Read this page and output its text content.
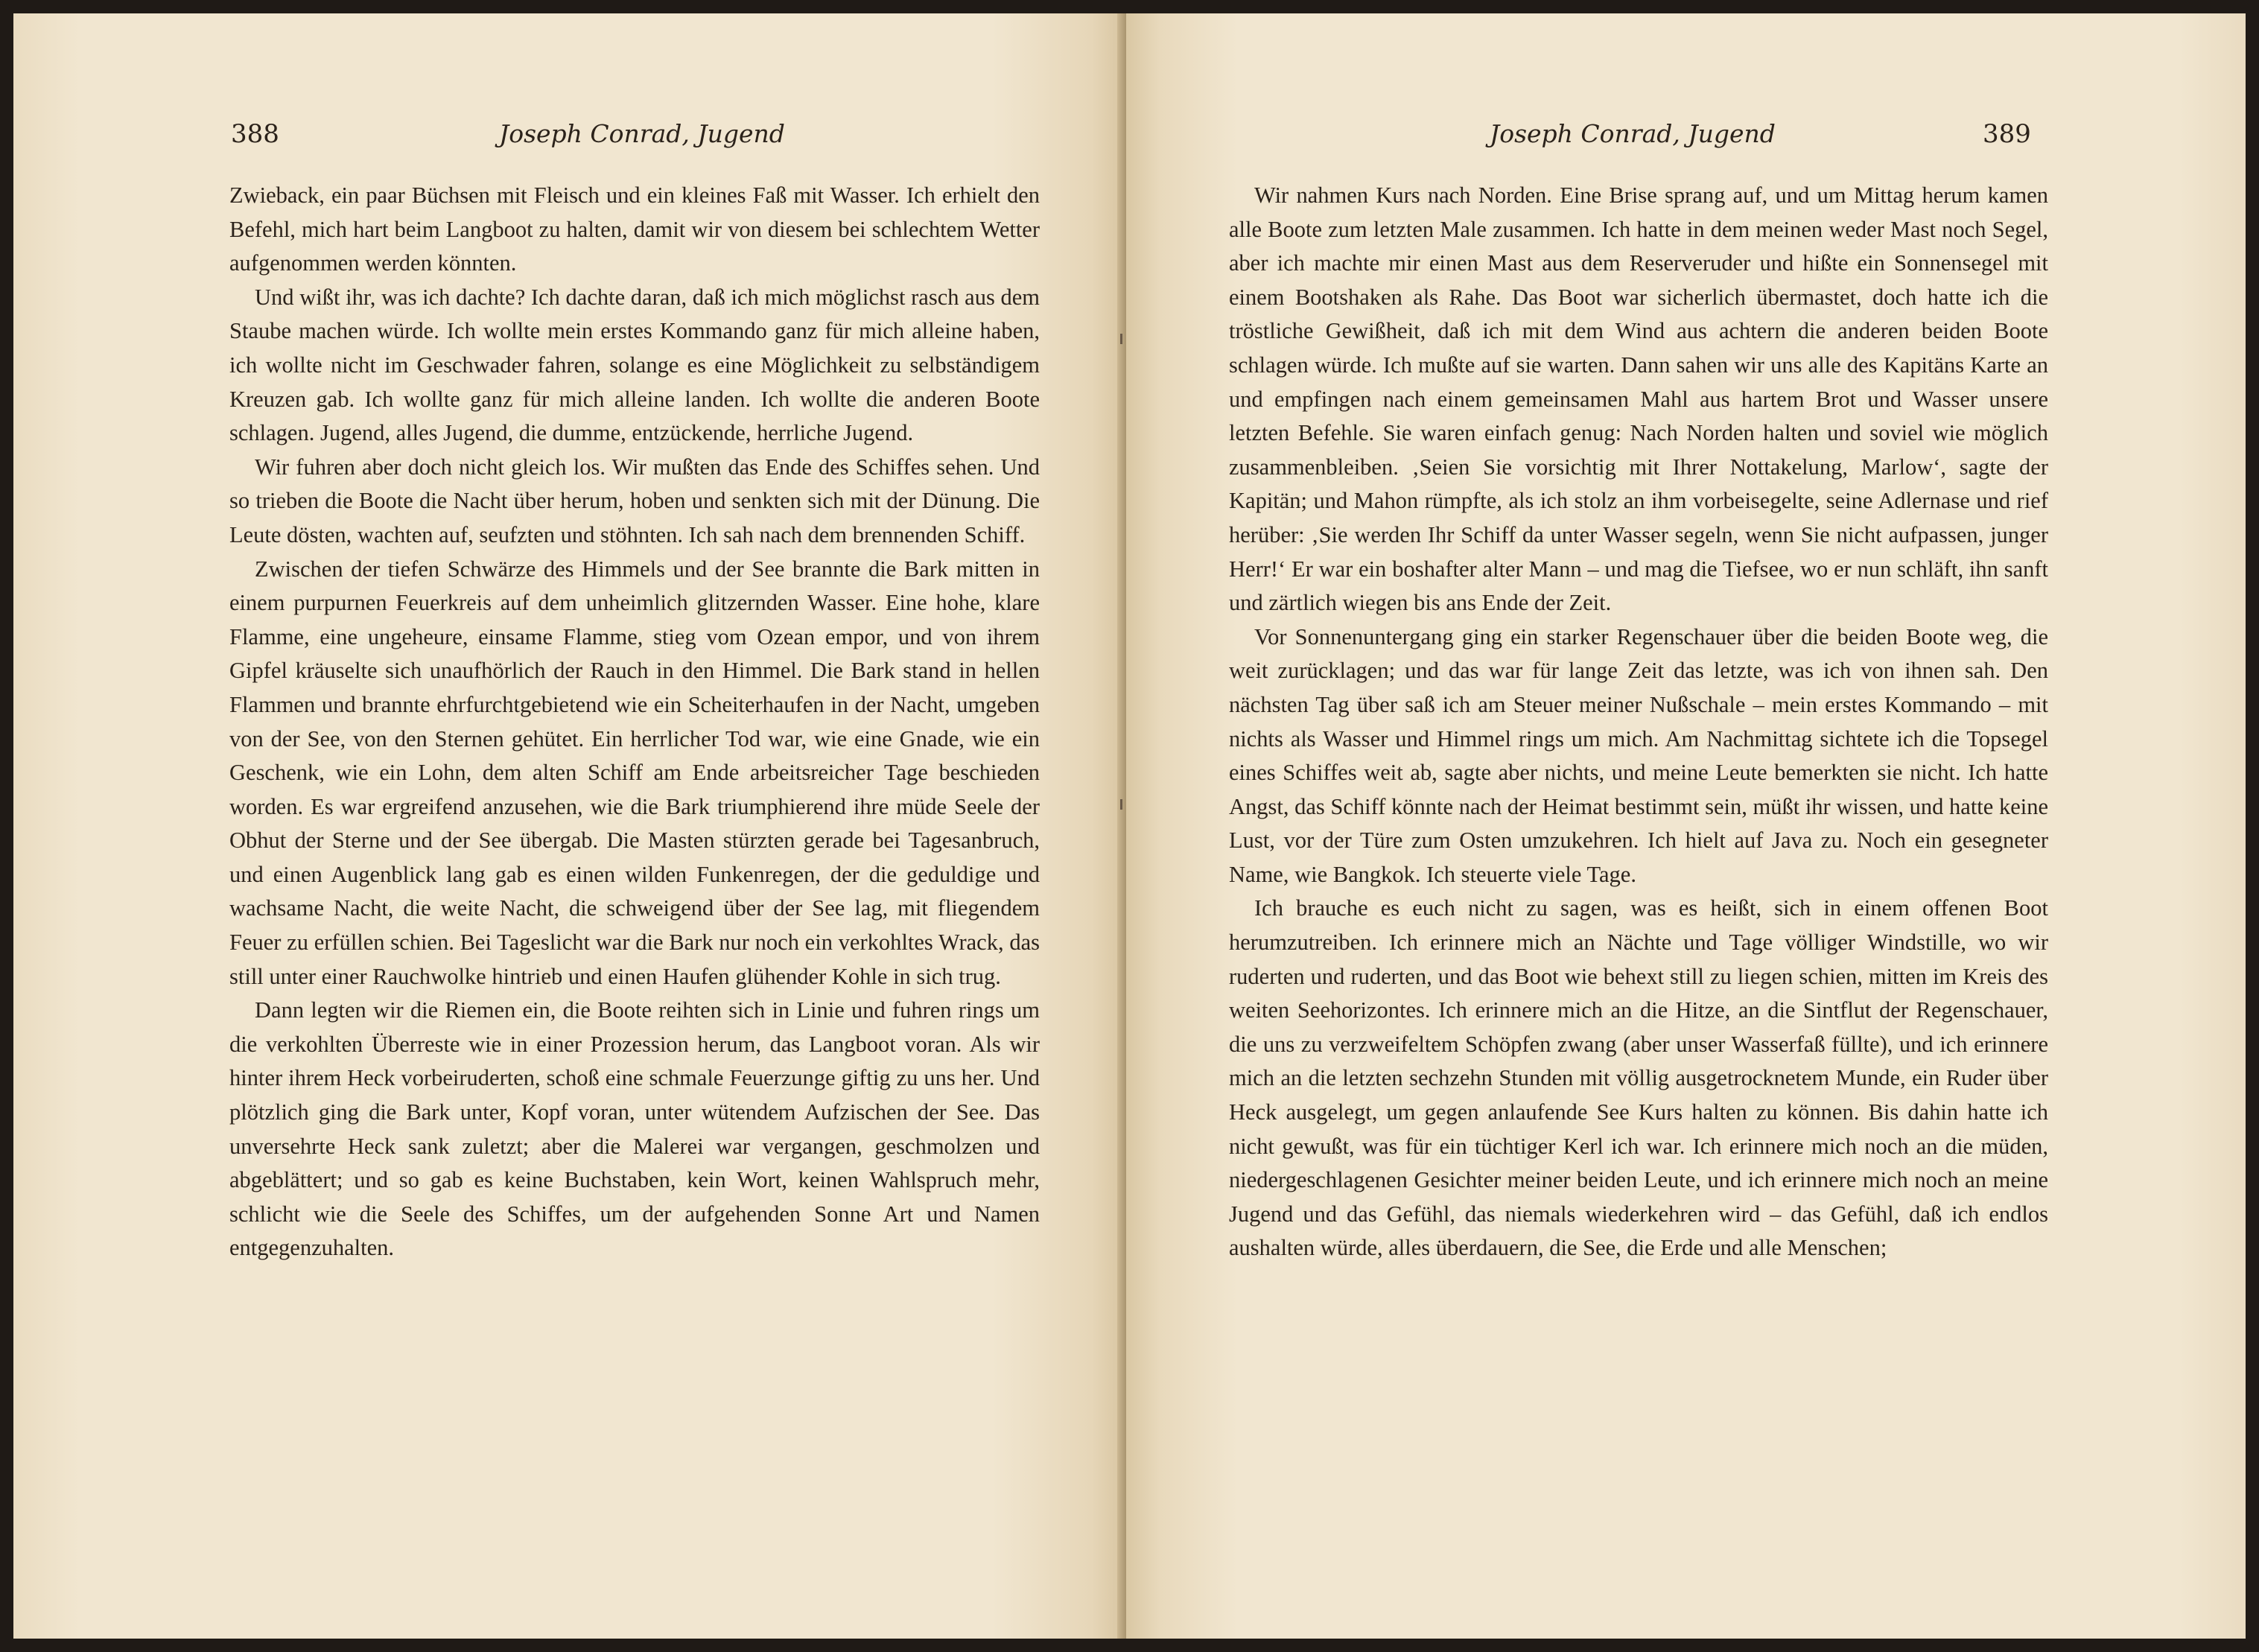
388	Joseph Conrad, Jugend

Zwieback, ein paar Büchsen mit Fleisch und ein kleines Faß mit Wasser. Ich erhielt den Befehl, mich hart beim Langboot zu halten, damit wir von diesem bei schlechtem Wetter aufgenommen werden könnten.

Und wißt ihr, was ich dachte? Ich dachte daran, daß ich mich möglichst rasch aus dem Staube machen würde. Ich wollte mein erstes Kommando ganz für mich alleine haben, ich wollte nicht im Geschwader fahren, solange es eine Möglichkeit zu selbständigem Kreuzen gab. Ich wollte ganz für mich alleine landen. Ich wollte die anderen Boote schlagen. Jugend, alles Jugend, die dumme, entzückende, herrliche Jugend.

Wir fuhren aber doch nicht gleich los. Wir mußten das Ende des Schiffes sehen. Und so trieben die Boote die Nacht über herum, hoben und senkten sich mit der Dünung. Die Leute dösten, wachten auf, seufzten und stöhnten. Ich sah nach dem brennenden Schiff.

Zwischen der tiefen Schwärze des Himmels und der See brannte die Bark mitten in einem purpurnen Feuerkreis auf dem unheimlich glitzernden Wasser. Eine hohe, klare Flamme, eine ungeheure, einsame Flamme, stieg vom Ozean empor, und von ihrem Gipfel kräuselte sich unaufhörlich der Rauch in den Himmel. Die Bark stand in hellen Flammen und brannte ehrfurchtgebietend wie ein Scheiterhaufen in der Nacht, umgeben von der See, von den Sternen gehütet. Ein herrlicher Tod war, wie eine Gnade, wie ein Geschenk, wie ein Lohn, dem alten Schiff am Ende arbeitsreicher Tage beschieden worden. Es war ergreifend anzusehen, wie die Bark triumphierend ihre müde Seele der Obhut der Sterne und der See übergab. Die Masten stürzten gerade bei Tagesanbruch, und einen Augenblick lang gab es einen wilden Funkenregen, der die geduldige und wachsame Nacht, die weite Nacht, die schweigend über der See lag, mit fliegendem Feuer zu erfüllen schien. Bei Tageslicht war die Bark nur noch ein verkohltes Wrack, das still unter einer Rauchwolke hintrieb und einen Haufen glühender Kohle in sich trug.

Dann legten wir die Riemen ein, die Boote reihten sich in Linie und fuhren rings um die verkohlten Überreste wie in einer Prozession herum, das Langboot voran. Als wir hinter ihrem Heck vorbeiruderten, schoß eine schmale Feuerzunge giftig zu uns her. Und plötzlich ging die Bark unter, Kopf voran, unter wütendem Aufzischen der See. Das unversehrte Heck sank zuletzt; aber die Malerei war vergangen, geschmolzen und abgeblättert; und so gab es keine Buchstaben, kein Wort, keinen Wahlspruch mehr, schlicht wie die Seele des Schiffes, um der aufgehenden Sonne Art und Namen entgegenzuhalten.

Joseph Conrad, Jugend	389

Wir nahmen Kurs nach Norden. Eine Brise sprang auf, und um Mittag herum kamen alle Boote zum letzten Male zusammen. Ich hatte in dem meinen weder Mast noch Segel, aber ich machte mir einen Mast aus dem Reserveruder und hißte ein Sonnensegel mit einem Bootshaken als Rahe. Das Boot war sicherlich übermastet, doch hatte ich die tröstliche Gewißheit, daß ich mit dem Wind aus achtern die anderen beiden Boote schlagen würde. Ich mußte auf sie warten. Dann sahen wir uns alle des Kapitäns Karte an und empfingen nach einem gemeinsamen Mahl aus hartem Brot und Wasser unsere letzten Befehle. Sie waren einfach genug: Nach Norden halten und soviel wie möglich zusammenbleiben. ‚Seien Sie vorsichtig mit Ihrer Nottakelung, Marlow‘, sagte der Kapitän; und Mahon rümpfte, als ich stolz an ihm vorbeisegelte, seine Adlernase und rief herüber: ‚Sie werden Ihr Schiff da unter Wasser segeln, wenn Sie nicht aufpassen, junger Herr!‘ Er war ein boshafter alter Mann – und mag die Tiefsee, wo er nun schläft, ihn sanft und zärtlich wiegen bis ans Ende der Zeit.

Vor Sonnenuntergang ging ein starker Regenschauer über die beiden Boote weg, die weit zurücklagen; und das war für lange Zeit das letzte, was ich von ihnen sah. Den nächsten Tag über saß ich am Steuer meiner Nußschale – mein erstes Kommando – mit nichts als Wasser und Himmel rings um mich. Am Nachmittag sichtete ich die Topsegel eines Schiffes weit ab, sagte aber nichts, und meine Leute bemerkten sie nicht. Ich hatte Angst, das Schiff könnte nach der Heimat bestimmt sein, müßt ihr wissen, und hatte keine Lust, vor der Türe zum Osten umzukehren. Ich hielt auf Java zu. Noch ein gesegneter Name, wie Bangkok. Ich steuerte viele Tage.

Ich brauche es euch nicht zu sagen, was es heißt, sich in einem offenen Boot herumzutreiben. Ich erinnere mich an Nächte und Tage völliger Windstille, wo wir ruderten und ruderten, und das Boot wie behext still zu liegen schien, mitten im Kreis des weiten Seehorizontes. Ich erinnere mich an die Hitze, an die Sintflut der Regenschauer, die uns zu verzweifeltem Schöpfen zwang (aber unser Wasserfaß füllte), und ich erinnere mich an die letzten sechzehn Stunden mit völlig ausgetrocknetem Munde, ein Ruder über Heck ausgelegt, um gegen anlaufende See Kurs halten zu können. Bis dahin hatte ich nicht gewußt, was für ein tüchtiger Kerl ich war. Ich erinnere mich noch an die müden, niedergeschlagenen Gesichter meiner beiden Leute, und ich erinnere mich noch an meine Jugend und das Gefühl, das niemals wiederkehren wird – das Gefühl, daß ich endlos aushalten würde, alles überdauern, die See, die Erde und alle Menschen;
